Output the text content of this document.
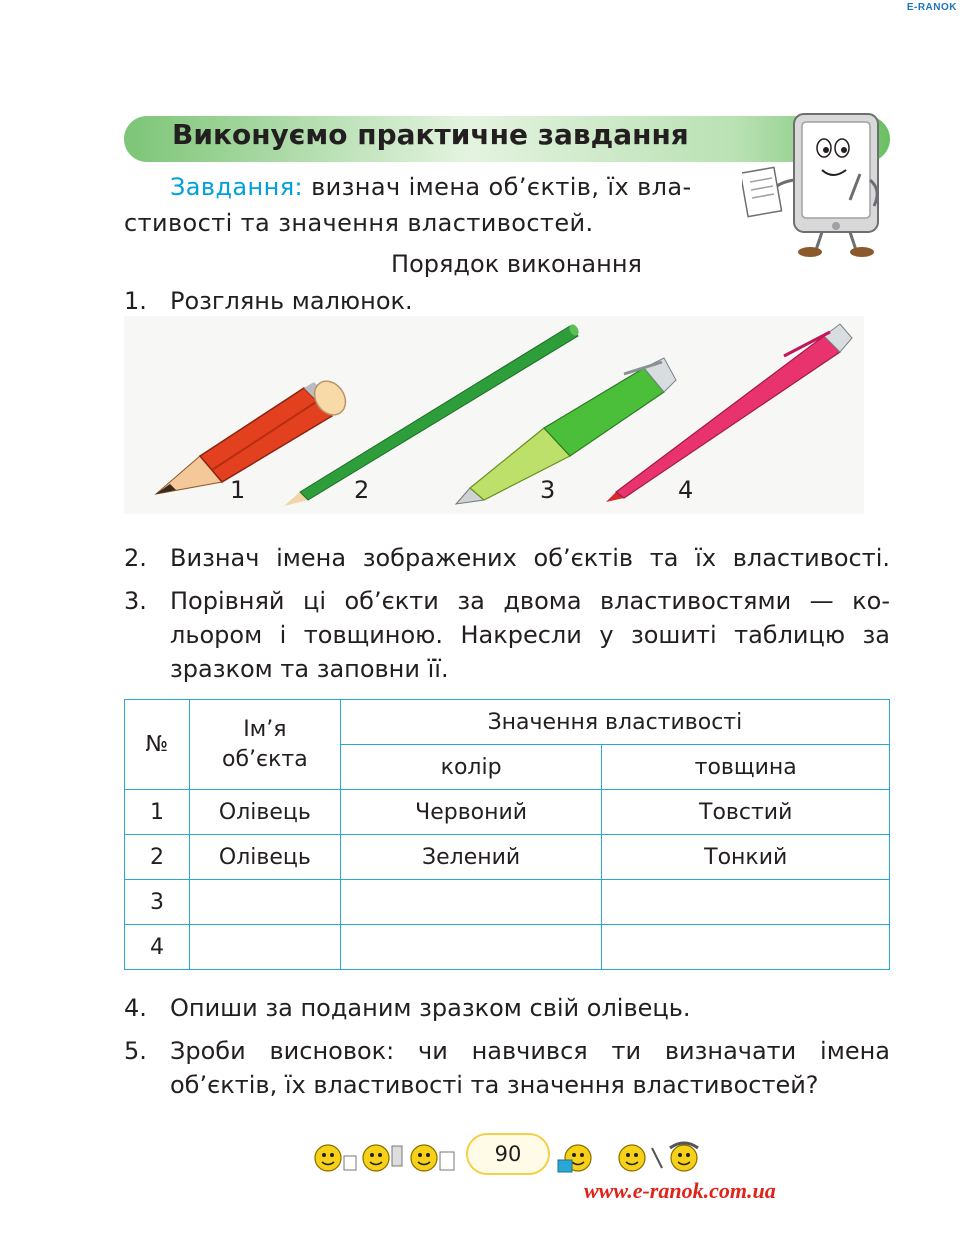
E-RANOK
Виконуємо практичне завдання
Завдання: визнач імена об’єктів, їх вла-
стивості та значення властивостей.
Порядок виконання
1. Розглянь малюнок.
1	2	3	4
2. Визнач імена зображених об’єктів та їх властивості.
3. Порівняй ці об’єкти за двома властивостями — ко-
льором і товщиною. Накресли у зошиті таблицю за
зразком та заповни її.
№	Ім’я об’єкта	Значення властивості	
		колір	товщина
1	Олівець	Червоний	Товстий
2	Олівець	Зелений	Тонкий
3			
4			
4. Опиши за поданим зразком свій олівець.
5. Зроби висновок: чи навчився ти визначати імена
об’єктів, їх властивості та значення властивостей?
90
www.e-ranok.com.ua
